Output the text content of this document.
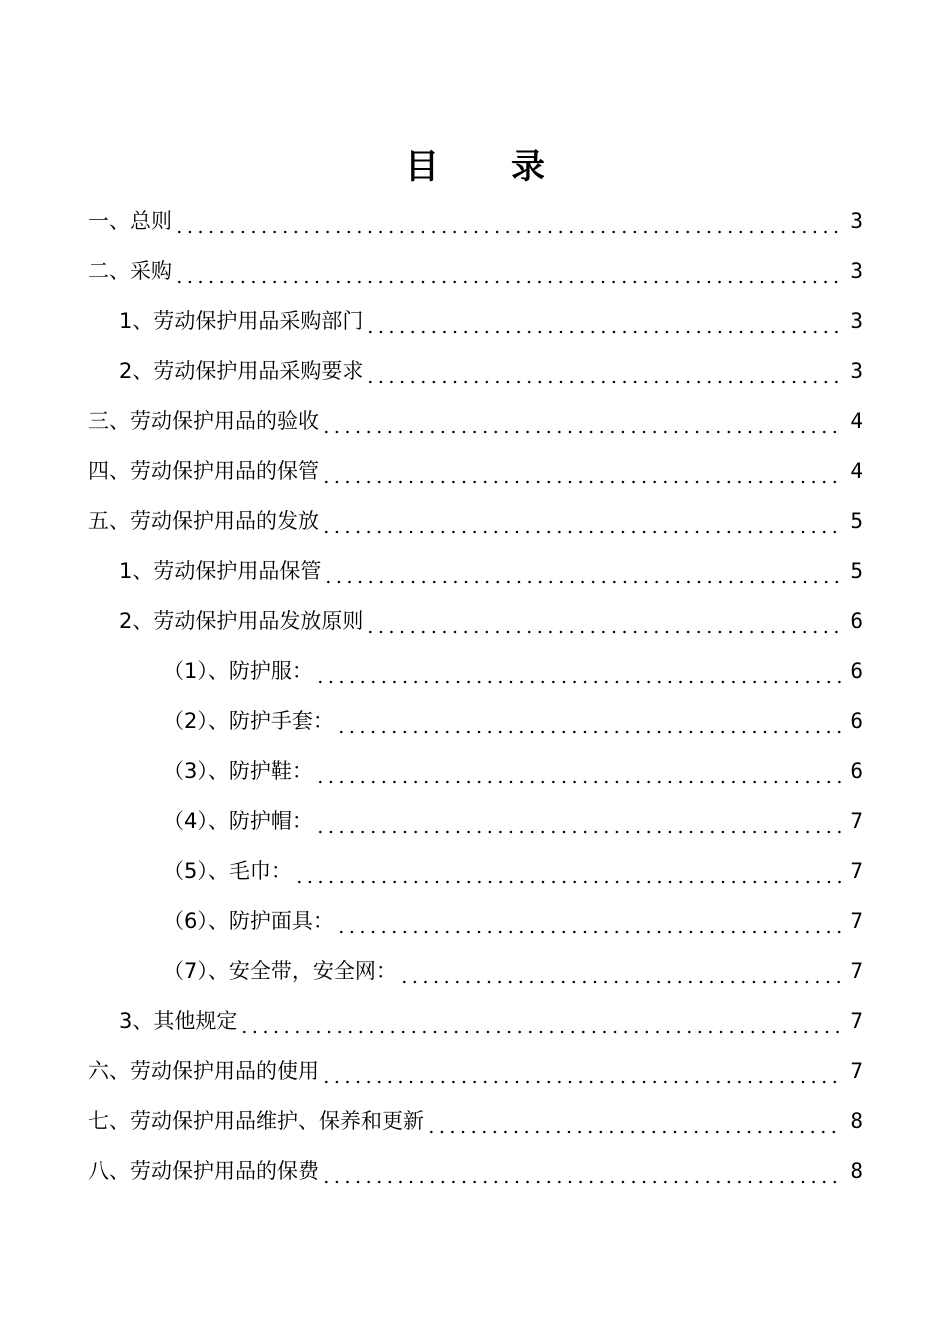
目 录
一、总则	3
二、采购	3
1、劳动保护用品采购部门	3
2、劳动保护用品采购要求	3
三、劳动保护用品的验收	4
四、劳动保护用品的保管	4
五、劳动保护用品的发放	5
1、劳动保护用品保管	5
2、劳动保护用品发放原则	6
（1）、防护服：	6
（2）、防护手套：	6
（3）、防护鞋：	6
（4）、防护帽：	7
（5）、毛巾：	7
（6）、防护面具：	7
（7）、安全带，安全网：	7
3、其他规定	7
六、劳动保护用品的使用	7
七、劳动保护用品维护、保养和更新	8
八、劳动保护用品的保费	8
